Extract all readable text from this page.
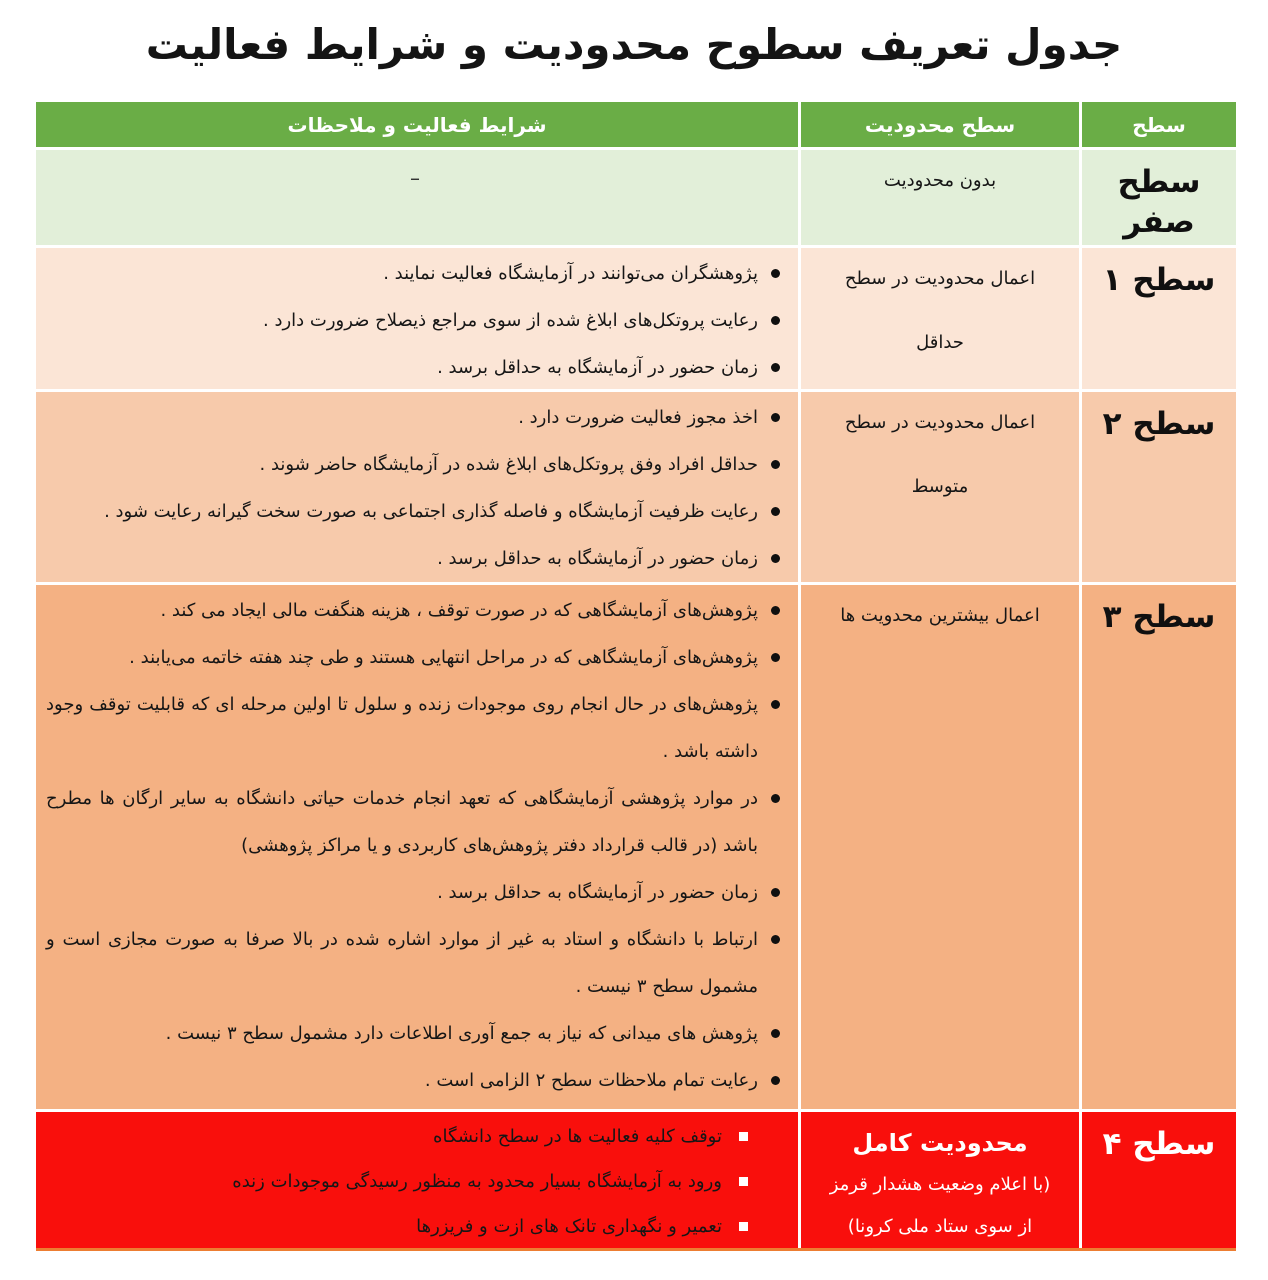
جدول تعریف سطوح محدودیت و شرایط فعالیت
سطح
سطح محدودیت
شرایط فعالیت و ملاحظات
سطح صفر
بدون محدودیت
–
سطح ۱
اعمال محدودیت در سطح
حداقل
پژوهشگران می‌توانند در آزمایشگاه فعالیت نمایند .
رعایت پروتکل‌های ابلاغ شده از سوی مراجع ذیصلاح ضرورت دارد .
زمان حضور در آزمایشگاه به حداقل برسد .
سطح ۲
اعمال محدودیت در سطح
متوسط
اخذ مجوز فعالیت ضرورت دارد .
حداقل افراد وفق پروتکل‌های ابلاغ شده در آزمایشگاه حاضر شوند .
رعایت ظرفیت آزمایشگاه و فاصله گذاری اجتماعی به صورت سخت گیرانه رعایت شود .
زمان حضور در آزمایشگاه به حداقل برسد .
سطح ۳
اعمال بیشترین محدویت ها
پژوهش‌های آزمایشگاهی که در صورت توقف ، هزینه هنگفت مالی ایجاد می کند .
پژوهش‌های آزمایشگاهی که در مراحل انتهایی هستند و طی چند هفته خاتمه می‌یابند .
پژوهش‌های در حال انجام روی موجودات زنده و سلول تا اولین مرحله ای که قابلیت توقف وجود داشته باشد .
در موارد پژوهشی آزمایشگاهی که تعهد انجام خدمات حیاتی دانشگاه به سایر ارگان ها مطرح باشد (در قالب قرارداد دفتر پژوهش‌های کاربردی و یا مراکز پژوهشی)
زمان حضور در آزمایشگاه به حداقل برسد .
ارتباط با دانشگاه و استاد به غیر از موارد اشاره شده در بالا صرفا به صورت مجازی است و مشمول سطح ۳ نیست .
پژوهش های میدانی که نیاز به جمع آوری اطلاعات دارد مشمول سطح ۳ نیست .
رعایت تمام ملاحظات سطح ۲ الزامی است .
سطح ۴
محدودیت کامل
(با اعلام وضعیت هشدار قرمز
از سوی ستاد ملی کرونا)
توقف کلیه فعالیت ها در سطح دانشگاه
ورود به آزمایشگاه بسیار محدود به منظور رسیدگی موجودات زنده
تعمیر و نگهداری تانک های ازت و فریزرها
